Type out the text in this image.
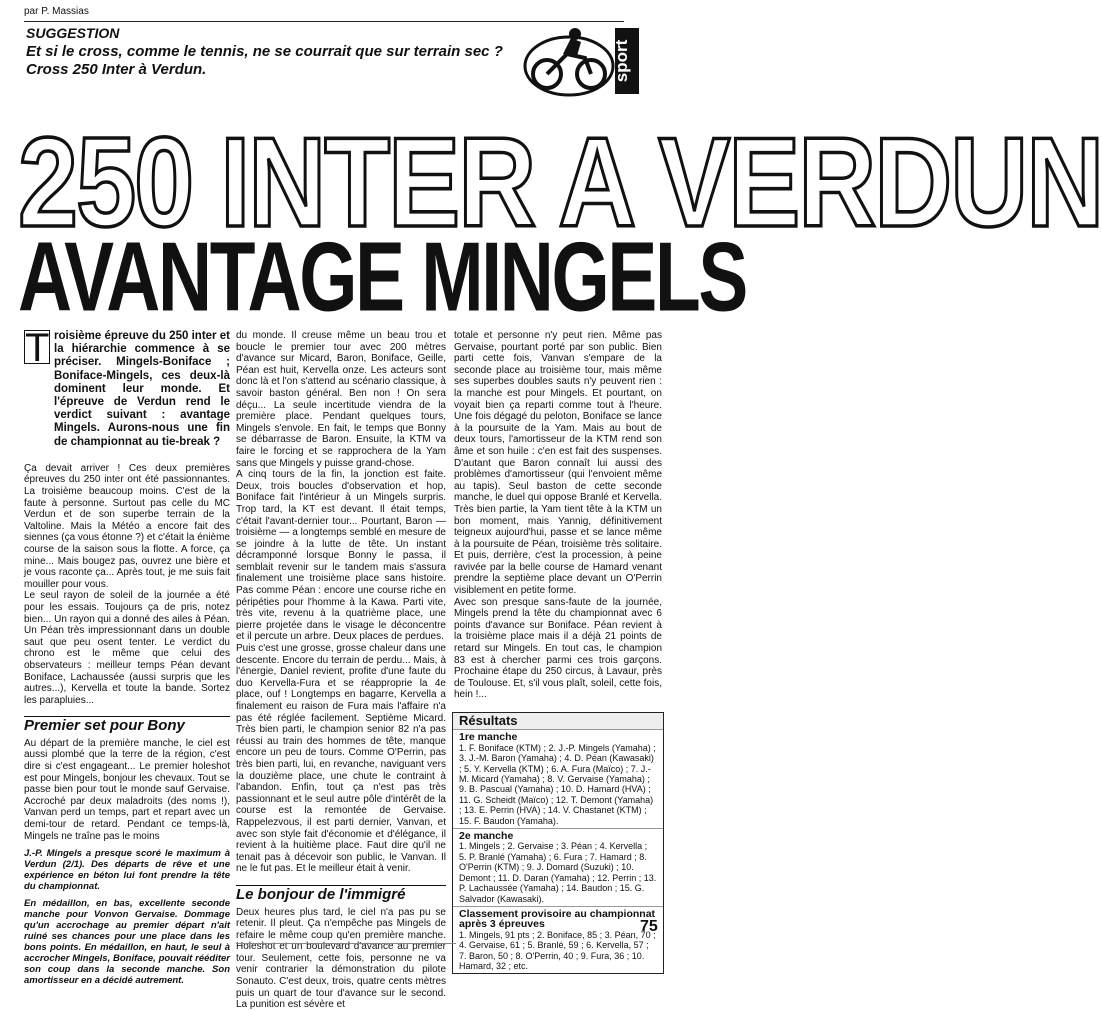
par P. Massias
SUGGESTION
Et si le cross, comme le tennis, ne se courrait que sur terrain sec ?
Cross 250 Inter à Verdun.	sport
250 INTER A VERDUN
AVANTAGE MINGELS
T roisième épreuve du 250 inter et la hiérarchie commence à se préciser. Mingels-Boniface ; Boniface-Mingels, ces deux-là dominent leur monde. Et l'épreuve de Verdun rend le verdict suivant : avantage Mingels. Aurons-nous une fin de championnat au tie-break ?

Ça devait arriver ! Ces deux premières épreuves du 250 inter ont été passionnantes. La troisième beaucoup moins. C'est de la faute à personne. Surtout pas celle du MC Verdun et de son superbe terrain de la Valtoline. Mais la Météo a encore fait des siennes (ça vous étonne ?) et c'était la énième course de la saison sous la flotte. A force, ça mine... Mais bougez pas, ouvrez une bière et je vous raconte ça... Après tout, je me suis fait mouiller pour vous.

Le seul rayon de soleil de la journée a été pour les essais. Toujours ça de pris, notez bien... Un rayon qui a donné des ailes à Péan. Un Péan très impressionnant dans un double saut que peu osent tenter. Le verdict du chrono est le même que celui des observateurs : meilleur temps Péan devant Boniface, Lachaussée (aussi surpris que les autres...), Kervella et toute la bande. Sortez les parapluies...

Premier set pour Bony

Au départ de la première manche, le ciel est aussi plombé que la terre de la région, c'est dire si c'est engageant... Le premier holeshot est pour Mingels, bonjour les chevaux. Tout se passe bien pour tout le monde sauf Gervaise. Accroché par deux maladroits (des noms !), Vanvan perd un temps, part et repart avec un demi-tour de retard. Pendant ce temps-là, Mingels ne traîne pas le moins

J.-P. Mingels a presque scoré le maximum à Verdun (2/1). Des départs de rêve et une expérience en béton lui font prendre la tête du championnat.
En médaillon, en bas, excellente seconde manche pour Vonvon Gervaise. Dommage qu'un accrochage au premier départ n'ait ruiné ses chances pour une place dans les bons points. En médaillon, en haut, le seul à accrocher Mingels, Boniface, pouvait rééditer son coup dans la seconde manche. Son amortisseur en a décidé autrement.

du monde. Il creuse même un beau trou et boucle le premier tour avec 200 mètres d'avance sur Micard, Baron, Boniface, Geille, Péan est huit, Kervella onze. Les acteurs sont donc là et l'on s'attend au scénario classique, à savoir baston général. Ben non ! On sera déçu... La seule incertitude viendra de la première place. Pendant quelques tours, Mingels s'envole. En fait, le temps que Bonny se débarrasse de Baron. Ensuite, la KTM va faire le forcing et se rapprochera de la Yam sans que Mingels y puisse grand-chose.

A cinq tours de la fin, la jonction est faite. Deux, trois boucles d'observation et hop, Boniface fait l'intérieur à un Mingels surpris. Trop tard, la KT est devant. Il était temps, c'était l'avant-dernier tour... Pourtant, Baron — troisième — a longtemps semblé en mesure de se joindre à la lutte de tête. Un instant décramponné lorsque Bonny le passa, il semblait revenir sur le tandem mais s'assura finalement une troisième place sans histoire. Pas comme Péan : encore une course riche en péripéties pour l'homme à la Kawa. Parti vite, très vite, revenu à la quatrième place, une pierre projetée dans le visage le déconcentre et il percute un arbre. Deux places de perdues.

Puis c'est une grosse, grosse chaleur dans une descente. Encore du terrain de perdu... Mais, à l'énergie, Daniel revient, profite d'une faute du duo Kervella-Fura et se réapproprie la 4e place, ouf ! Longtemps en bagarre, Kervella a finalement eu raison de Fura mais l'affaire n'a pas été réglée facilement. Septième Micard. Très bien parti, le champion senior 82 n'a pas réussi au train des hommes de tête, manque encore un peu de tours. Comme O'Perrin, pas très bien parti, lui, en revanche, naviguant vers la douzième place, une chute le contraint à l'abandon. Enfin, tout ça n'est pas très passionnant et le seul autre pôle d'intérêt de la course est la remontée de Gervaise. Rappelezvous, il est parti dernier, Vanvan, et avec son style fait d'économie et d'élégance, il revient à la huitième place. Faut dire qu'il ne tenait pas à décevoir son public, le Vanvan. Il ne le fut pas. Et le meilleur était à venir.

Le bonjour de l'immigré

Deux heures plus tard, le ciel n'a pas pu se retenir. Il pleut. Ça n'empêche pas Mingels de refaire le même coup qu'en première manche. Holeshot et un boulevard d'avance au premier tour. Seulement, cette fois, personne ne va venir contrarier la démonstration du pilote Sonauto. C'est deux, trois, quatre cents mètres puis un quart de tour d'avance sur le second. La punition est sévère et

totale et personne n'y peut rien. Même pas Gervaise, pourtant porté par son public. Bien parti cette fois, Vanvan s'empare de la seconde place au troisième tour, mais même ses superbes doubles sauts n'y peuvent rien : la manche est pour Mingels. Et pourtant, on voyait bien ça reparti comme tout à l'heure. Une fois dégagé du peloton, Boniface se lance à la poursuite de la Yam. Mais au bout de deux tours, l'amortisseur de la KTM rend son âme et son huile : c'en est fait des suspenses. D'autant que Baron connaît lui aussi des problèmes d'amortisseur (qui l'envoient même au tapis). Seul baston de cette seconde manche, le duel qui oppose Branlé et Kervella. Très bien partie, la Yam tient tête à la KTM un bon moment, mais Yannig, définitivement teigneux aujourd'hui, passe et se lance même à la poursuite de Péan, troisième très solitaire. Et puis, derrière, c'est la procession, à peine ravivée par la belle course de Hamard venant prendre la septième place devant un O'Perrin visiblement en petite forme.

Avec son presque sans-faute de la journée, Mingels prend la tête du championnat avec 6 points d'avance sur Boniface. Péan revient à la troisième place mais il a déjà 21 points de retard sur Mingels. En tout cas, le champion 83 est à chercher parmi ces trois garçons. Prochaine étape du 250 circus, à Lavaur, près de Toulouse. Et, s'il vous plaît, soleil, cette fois, hein !...

Résultats
1re manche
1. F. Boniface (KTM) ; 2. J.-P. Mingels (Yamaha) ; 3. J.-M. Baron (Yamaha) ; 4. D. Péan (Kawasaki) ; 5. Y. Kervella (KTM) ; 6. A. Fura (Maïco) ; 7. J.-M. Micard (Yamaha) ; 8. V. Gervaise (Yamaha) ; 9. B. Pascual (Yamaha) ; 10. D. Hamard (HVA) ; 11. G. Scheidt (Maïco) ; 12. T. Demont (Yamaha) ; 13. E. Perrin (HVA) ; 14. V. Chastanet (KTM) ; 15. F. Baudon (Yamaha).
2e manche
1. Mingels ; 2. Gervaise ; 3. Péan ; 4. Kervella ; 5. P. Branlé (Yamaha) ; 6. Fura ; 7. Hamard ; 8. O'Perrin (KTM) ; 9. J. Domard (Suzuki) ; 10. Demont ; 11. D. Daran (Yamaha) ; 12. Perrin ; 13. P. Lachaussée (Yamaha) ; 14. Baudon ; 15. G. Salvador (Kawasaki).
Classement provisoire au championnat après 3 épreuves
1. Mingels, 91 pts ; 2. Boniface, 85 ; 3. Péan, 70 ; 4. Gervaise, 61 ; 5. Branlé, 59 ; 6. Kervella, 57 ; 7. Baron, 50 ; 8. O'Perrin, 40 ; 9. Fura, 36 ; 10. Hamard, 32 ; etc.
75
